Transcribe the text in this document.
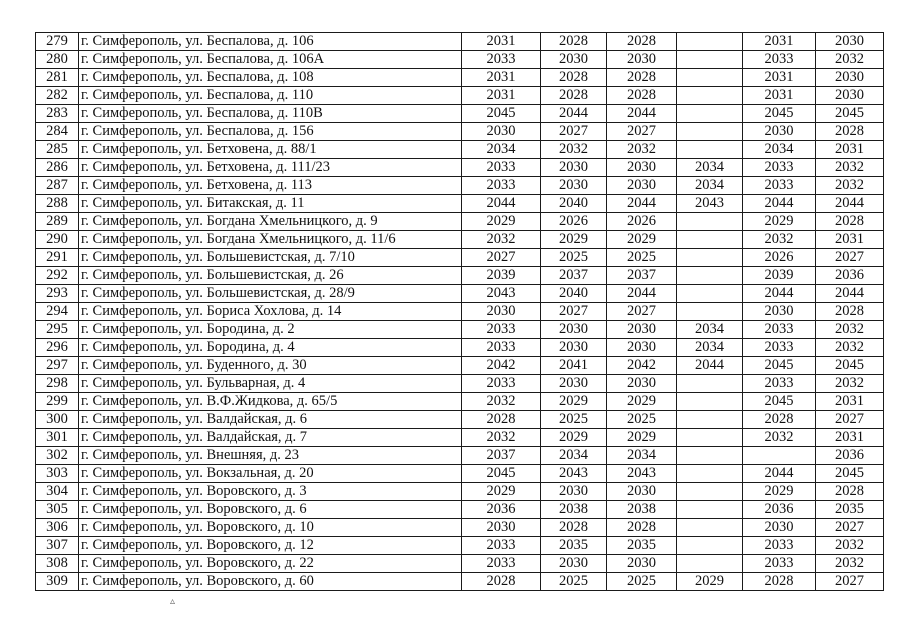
279	г. Симферополь, ул. Беспалова, д. 106	2031	2028	2028		2031	2030
280	г. Симферополь, ул. Беспалова, д. 106А	2033	2030	2030		2033	2032
281	г. Симферополь, ул. Беспалова, д. 108	2031	2028	2028		2031	2030
282	г. Симферополь, ул. Беспалова, д. 110	2031	2028	2028		2031	2030
283	г. Симферополь, ул. Беспалова, д. 110В	2045	2044	2044		2045	2045
284	г. Симферополь, ул. Беспалова, д. 156	2030	2027	2027		2030	2028
285	г. Симферополь, ул. Бетховена, д. 88/1	2034	2032	2032		2034	2031
286	г. Симферополь, ул. Бетховена, д. 111/23	2033	2030	2030	2034	2033	2032
287	г. Симферополь, ул. Бетховена, д. 113	2033	2030	2030	2034	2033	2032
288	г. Симферополь, ул. Битакская, д. 11	2044	2040	2044	2043	2044	2044
289	г. Симферополь, ул. Богдана Хмельницкого, д. 9	2029	2026	2026		2029	2028
290	г. Симферополь, ул. Богдана Хмельницкого, д. 11/6	2032	2029	2029		2032	2031
291	г. Симферополь, ул. Большевистская, д. 7/10	2027	2025	2025		2026	2027
292	г. Симферополь, ул. Большевистская, д. 26	2039	2037	2037		2039	2036
293	г. Симферополь, ул. Большевистская, д. 28/9	2043	2040	2044		2044	2044
294	г. Симферополь, ул. Бориса Хохлова, д. 14	2030	2027	2027		2030	2028
295	г. Симферополь, ул. Бородина, д. 2	2033	2030	2030	2034	2033	2032
296	г. Симферополь, ул. Бородина, д. 4	2033	2030	2030	2034	2033	2032
297	г. Симферополь, ул. Буденного, д. 30	2042	2041	2042	2044	2045	2045
298	г. Симферополь, ул. Бульварная, д. 4	2033	2030	2030		2033	2032
299	г. Симферополь, ул. В.Ф.Жидкова, д. 65/5	2032	2029	2029		2045	2031
300	г. Симферополь, ул. Валдайская, д. 6	2028	2025	2025		2028	2027
301	г. Симферополь, ул. Валдайская, д. 7	2032	2029	2029		2032	2031
302	г. Симферополь, ул. Внешняя, д. 23	2037	2034	2034			2036
303	г. Симферополь, ул. Вокзальная, д. 20	2045	2043	2043		2044	2045
304	г. Симферополь, ул. Воровского, д. 3	2029	2030	2030		2029	2028
305	г. Симферополь, ул. Воровского, д. 6	2036	2038	2038		2036	2035
306	г. Симферополь, ул. Воровского, д. 10	2030	2028	2028		2030	2027
307	г. Симферополь, ул. Воровского, д. 12	2033	2035	2035		2033	2032
308	г. Симферополь, ул. Воровского, д. 22	2033	2030	2030		2033	2032
309	г. Симферополь, ул. Воровского, д. 60	2028	2025	2025	2029	2028	2027
▵
